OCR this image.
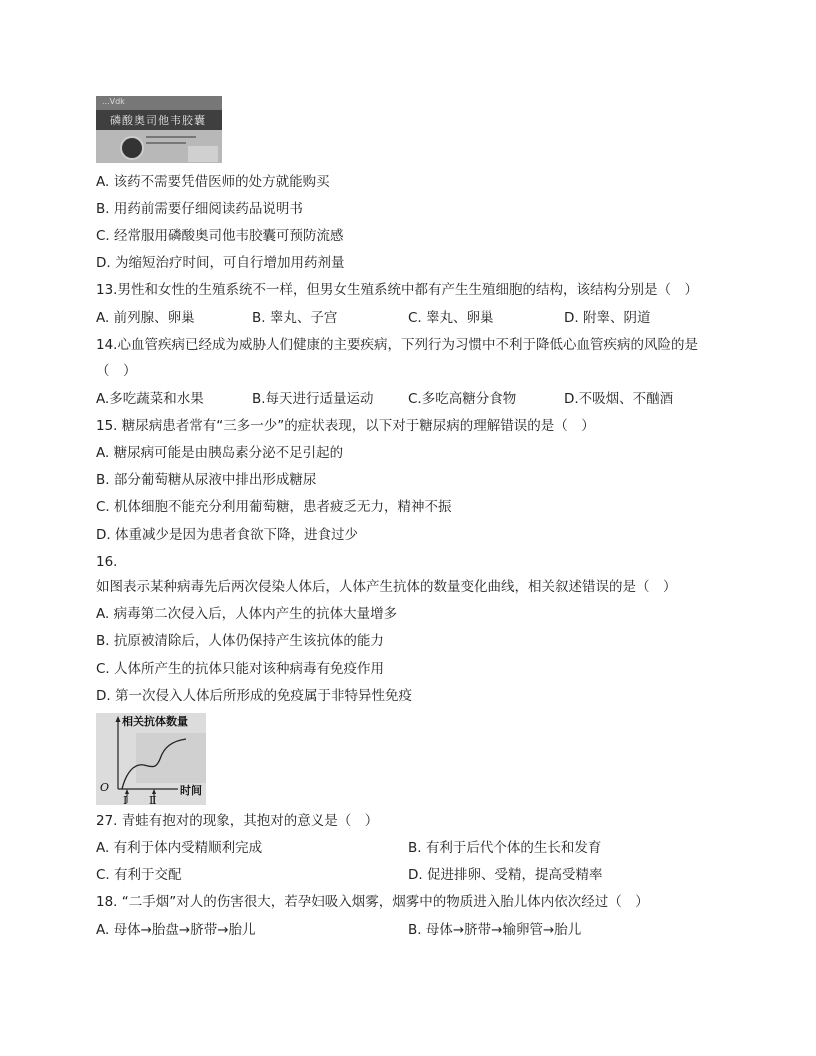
...Vdk
磷酸奥司他韦胶囊
A. 该药不需要凭借医师的处方就能购买
B. 用药前需要仔细阅读药品说明书
C. 经常服用磷酸奥司他韦胶囊可预防流感
D. 为缩短治疗时间，可自行增加用药剂量
13.男性和女性的生殖系统不一样，但男女生殖系统中都有产生生殖细胞的结构，该结构分别是（　）
A. 前列腺、卵巢	B. 睾丸、子宫	C. 睾丸、卵巢	D. 附睾、阴道
14.心血管疾病已经成为威胁人们健康的主要疾病，下列行为习惯中不利于降低心血管疾病的风险的是
（　）
A.多吃蔬菜和水果	B.每天进行适量运动	C.多吃高糖分食物	D.不吸烟、不酗酒
15. 糖尿病患者常有“三多一少”的症状表现，以下对于糖尿病的理解错误的是（　）
A. 糖尿病可能是由胰岛素分泌不足引起的
B. 部分葡萄糖从尿液中排出形成糖尿
C. 机体细胞不能充分利用葡萄糖，患者疲乏无力，精神不振
D. 体重减少是因为患者食欲下降，进食过少
16.
如图表示某种病毒先后两次侵染人体后，人体产生抗体的数量变化曲线，相关叙述错误的是（　）
A. 病毒第二次侵入后，人体内产生的抗体大量增多
B. 抗原被清除后，人体仍保持产生该抗体的能力
C. 人体所产生的抗体只能对该种病毒有免疫作用
D. 第一次侵入人体后所形成的免疫属于非特异性免疫
相关抗体数量
O	时间
Ⅰ Ⅱ
27. 青蛙有抱对的现象，其抱对的意义是（　）
A. 有利于体内受精顺利完成	B. 有利于后代个体的生长和发育
C. 有利于交配	D. 促进排卵、受精，提高受精率
18. “二手烟”对人的伤害很大，若孕妇吸入烟雾，烟雾中的物质进入胎儿体内依次经过（　）
A. 母体→胎盘→脐带→胎儿	B. 母体→脐带→输卵管→胎儿
